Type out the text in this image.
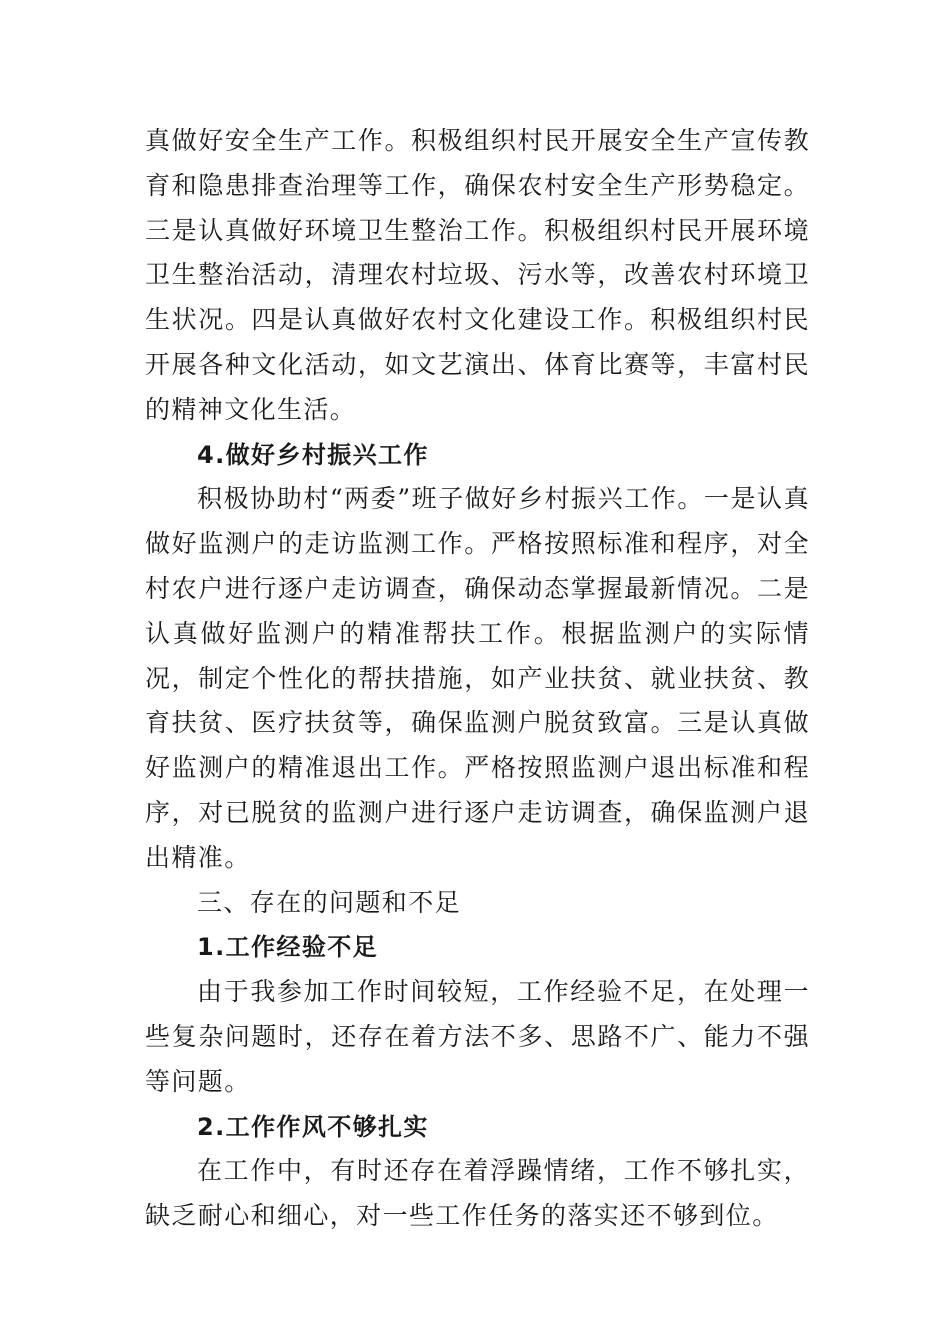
真做好安全生产工作。积极组织村民开展安全生产宣传教育和隐患排查治理等工作，确保农村安全生产形势稳定。三是认真做好环境卫生整治工作。积极组织村民开展环境卫生整治活动，清理农村垃圾、污水等，改善农村环境卫生状况。四是认真做好农村文化建设工作。积极组织村民开展各种文化活动，如文艺演出、体育比赛等，丰富村民的精神文化生活。

4.做好乡村振兴工作

积极协助村“两委”班子做好乡村振兴工作。一是认真做好监测户的走访监测工作。严格按照标准和程序，对全村农户进行逐户走访调查，确保动态掌握最新情况。二是认真做好监测户的精准帮扶工作。根据监测户的实际情况，制定个性化的帮扶措施，如产业扶贫、就业扶贫、教育扶贫、医疗扶贫等，确保监测户脱贫致富。三是认真做好监测户的精准退出工作。严格按照监测户退出标准和程序，对已脱贫的监测户进行逐户走访调查，确保监测户退出精准。

三、存在的问题和不足

1.工作经验不足

由于我参加工作时间较短，工作经验不足，在处理一些复杂问题时，还存在着方法不多、思路不广、能力不强等问题。

2.工作作风不够扎实

在工作中，有时还存在着浮躁情绪，工作不够扎实，缺乏耐心和细心，对一些工作任务的落实还不够到位。
